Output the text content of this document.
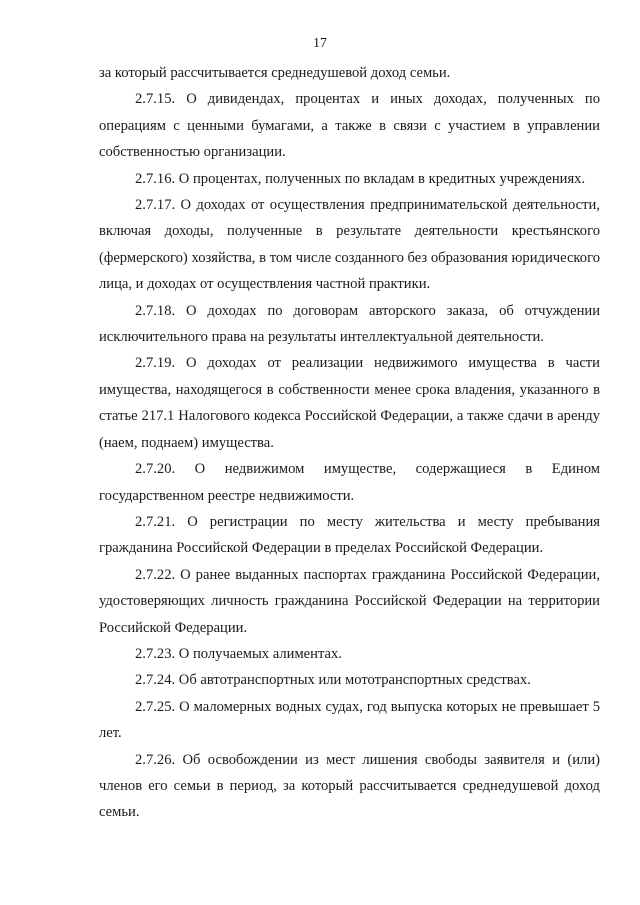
17

за который рассчитывается среднедушевой доход семьи.

2.7.15. О дивидендах, процентах и иных доходах, полученных по операциям с ценными бумагами, а также в связи с участием в управлении собственностью организации.

2.7.16. О процентах, полученных по вкладам в кредитных учреждениях.

2.7.17. О доходах от осуществления предпринимательской деятельности, включая доходы, полученные в результате деятельности крестьянского (фермерского) хозяйства, в том числе созданного без образования юридического лица, и доходах от осуществления частной практики.

2.7.18. О доходах по договорам авторского заказа, об отчуждении исключительного права на результаты интеллектуальной деятельности.

2.7.19. О доходах от реализации недвижимого имущества в части имущества, находящегося в собственности менее срока владения, указанного в статье 217.1 Налогового кодекса Российской Федерации, а также сдачи в аренду (наем, поднаем) имущества.

2.7.20. О недвижимом имуществе, содержащиеся в Едином государственном реестре недвижимости.

2.7.21. О регистрации по месту жительства и месту пребывания гражданина Российской Федерации в пределах Российской Федерации.

2.7.22. О ранее выданных паспортах гражданина Российской Федерации, удостоверяющих личность гражданина Российской Федерации на территории Российской Федерации.

2.7.23. О получаемых алиментах.

2.7.24. Об автотранспортных или мототранспортных средствах.

2.7.25. О маломерных водных судах, год выпуска которых не превышает 5 лет.

2.7.26. Об освобождении из мест лишения свободы заявителя и (или) членов его семьи в период, за который рассчитывается среднедушевой доход семьи.
